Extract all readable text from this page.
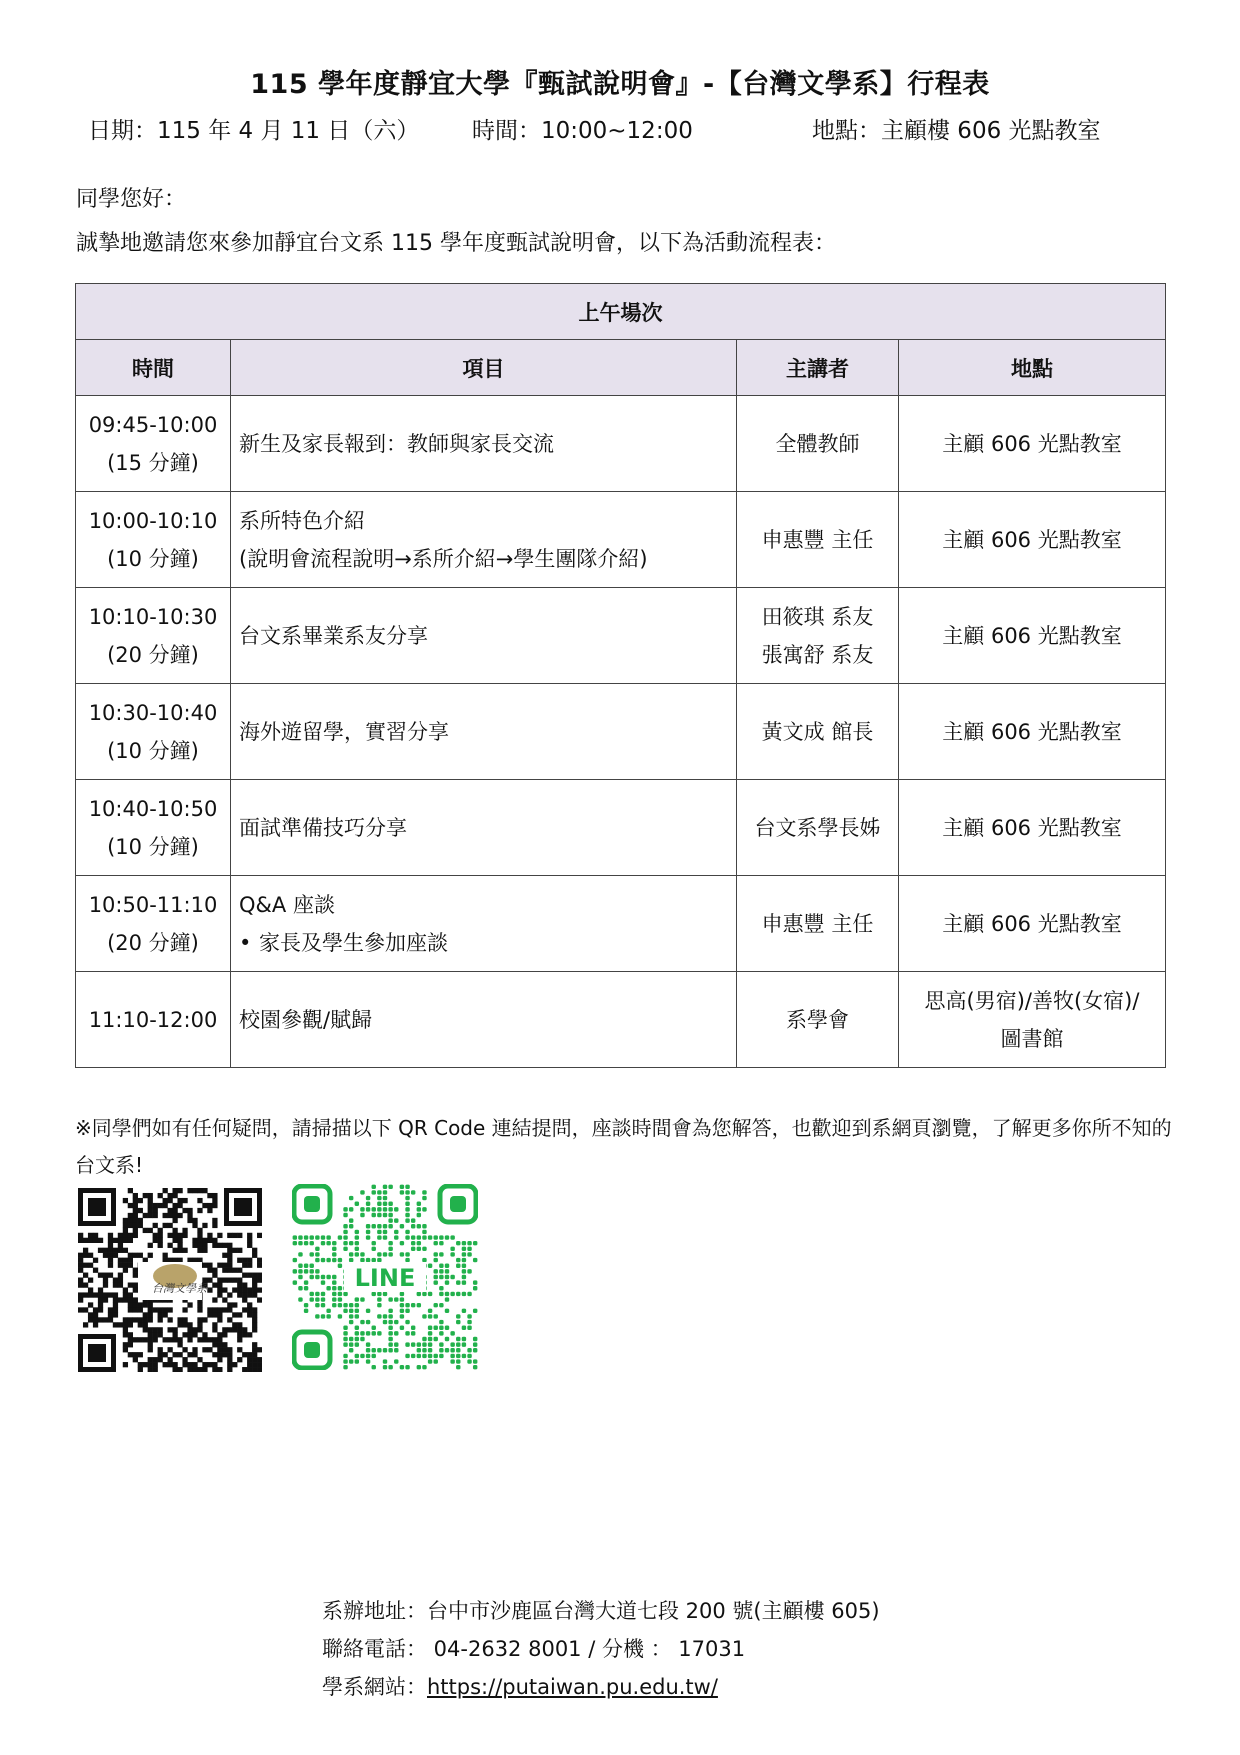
115 學年度靜宜大學『甄試說明會』-【台灣文學系】行程表
日期：115 年 4 月 11 日（六） 時間：10:00~12:00	地點：主顧樓 606 光點教室
同學您好：
誠摯地邀請您來參加靜宜台文系 115 學年度甄試說明會，以下為活動流程表：
上午場次			
時間	項目	主講者	地點

09:45-10:00
(15 分鐘)	新生及家長報到：教師與家長交流	全體教師	主顧 606 光點教室

10:00-10:10
(10 分鐘)	系所特色介紹
(說明會流程說明→系所介紹→學生團隊介紹)	申惠豐 主任	主顧 606 光點教室

10:10-10:30
(20 分鐘)	台文系畢業系友分享	田筱琪 系友
張寓舒 系友	主顧 606 光點教室

10:30-10:40
(10 分鐘)	海外遊留學，實習分享	黃文成 館長	主顧 606 光點教室

10:40-10:50
(10 分鐘)	面試準備技巧分享	台文系學長姊	主顧 606 光點教室

10:50-11:10
(20 分鐘)	Q&A 座談
• 家長及學生參加座談	申惠豐 主任	主顧 606 光點教室

11:10-12:00	校園參觀/賦歸	系學會	思高(男宿)/善牧(女宿)/
圖書館
※同學們如有任何疑問，請掃描以下 QR Code 連結提問，座談時間會為您解答，也歡迎到系網頁瀏覽，了解更多你所不知的台文系!
台灣文學系	LINE
系辦地址：台中市沙鹿區台灣大道七段 200 號(主顧樓 605)
聯絡電話： 04-2632 8001 / 分機 ： 17031
學系網站：https://putaiwan.pu.edu.tw/
